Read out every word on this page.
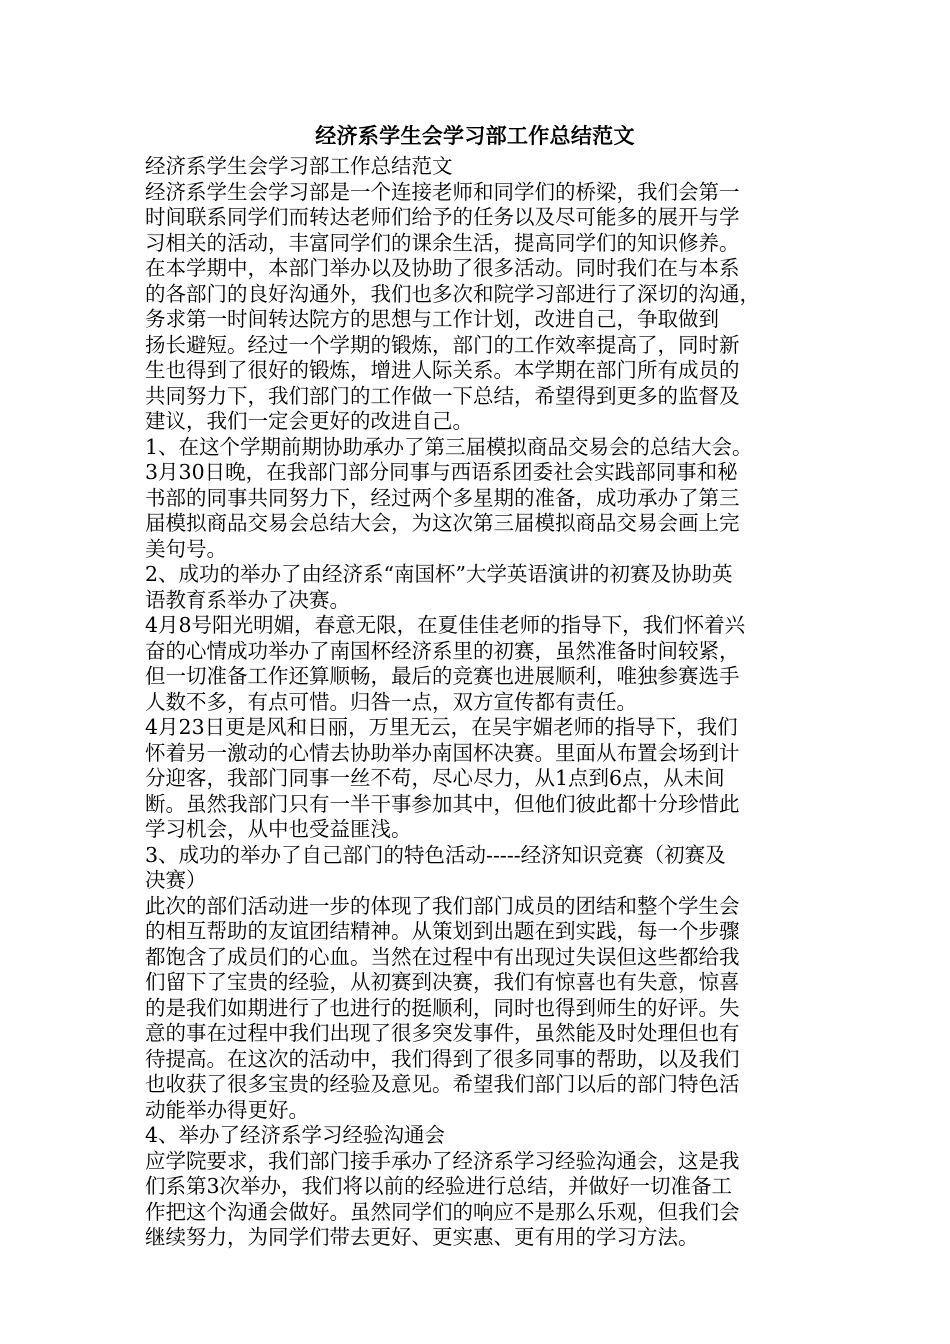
经济系学生会学习部工作总结范文
经济系学生会学习部工作总结范文
经济系学生会学习部是一个连接老师和同学们的桥梁，我们会第一
时间联系同学们而转达老师们给予的任务以及尽可能多的展开与学
习相关的活动，丰富同学们的课余生活，提高同学们的知识修养。
在本学期中，本部门举办以及协助了很多活动。同时我们在与本系
的各部门的良好沟通外，我们也多次和院学习部进行了深切的沟通，
务求第一时间转达院方的思想与工作计划，改进自己，争取做到
扬长避短。经过一个学期的锻炼，部门的工作效率提高了，同时新
生也得到了很好的锻炼，增进人际关系。本学期在部门所有成员的
共同努力下，我们部门的工作做一下总结，希望得到更多的监督及
建议，我们一定会更好的改进自己。
1、在这个学期前期协助承办了第三届模拟商品交易会的总结大会。
3月30日晚，在我部门部分同事与西语系团委社会实践部同事和秘
书部的同事共同努力下，经过两个多星期的准备，成功承办了第三
届模拟商品交易会总结大会，为这次第三届模拟商品交易会画上完
美句号。
2、成功的举办了由经济系“南国杯”大学英语演讲的初赛及协助英
语教育系举办了决赛。
4月8号阳光明媚，春意无限，在夏佳佳老师的指导下，我们怀着兴
奋的心情成功举办了南国杯经济系里的初赛，虽然准备时间较紧，
但一切准备工作还算顺畅，最后的竞赛也进展顺利，唯独参赛选手
人数不多，有点可惜。归咎一点，双方宣传都有责任。
4月23日更是风和日丽，万里无云，在吴宇媚老师的指导下，我们
怀着另一激动的心情去协助举办南国杯决赛。里面从布置会场到计
分迎客，我部门同事一丝不苟，尽心尽力，从1点到6点，从未间
断。虽然我部门只有一半干事参加其中，但他们彼此都十分珍惜此
学习机会，从中也受益匪浅。
3、成功的举办了自己部门的特色活动-----经济知识竞赛（初赛及
决赛）
此次的部们活动进一步的体现了我们部门成员的团结和整个学生会
的相互帮助的友谊团结精神。从策划到出题在到实践，每一个步骤
都饱含了成员们的心血。当然在过程中有出现过失误但这些都给我
们留下了宝贵的经验，从初赛到决赛，我们有惊喜也有失意，惊喜
的是我们如期进行了也进行的挺顺利，同时也得到师生的好评。失
意的事在过程中我们出现了很多突发事件，虽然能及时处理但也有
待提高。在这次的活动中，我们得到了很多同事的帮助，以及我们
也收获了很多宝贵的经验及意见。希望我们部门以后的部门特色活
动能举办得更好。
4、举办了经济系学习经验沟通会
应学院要求，我们部门接手承办了经济系学习经验沟通会，这是我
们系第3次举办，我们将以前的经验进行总结，并做好一切准备工
作把这个沟通会做好。虽然同学们的响应不是那么乐观，但我们会
继续努力，为同学们带去更好、更实惠、更有用的学习方法。
